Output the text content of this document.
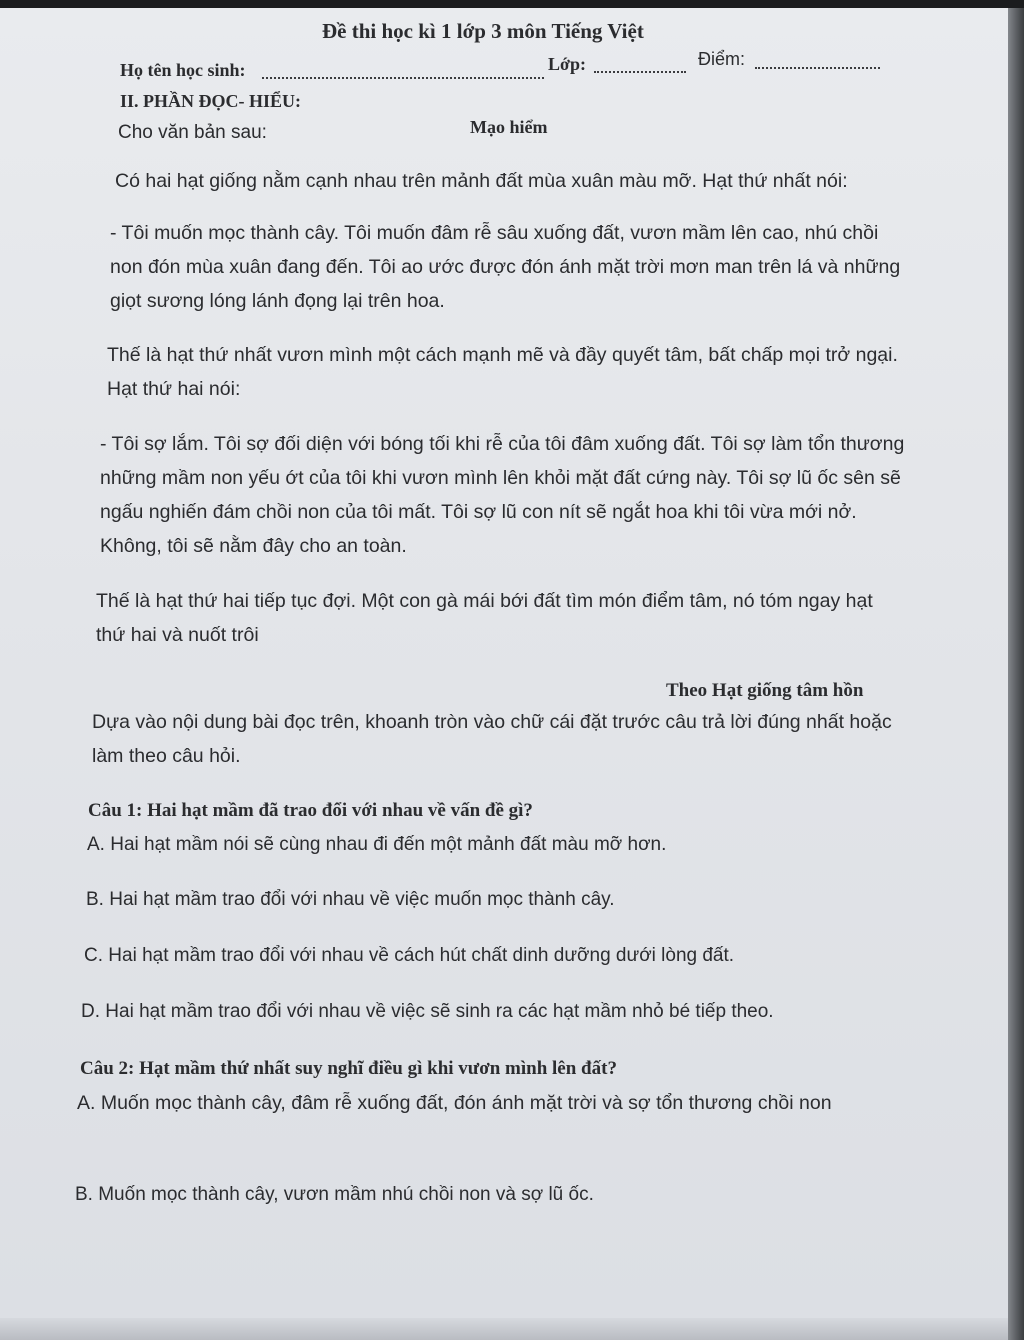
Đề thi học kì 1 lớp 3 môn Tiếng Việt

Họ tên học sinh:	Lớp:	Điểm:

II. PHẦN ĐỌC- HIỂU:

Cho văn bản sau:	Mạo hiểm

Có hai hạt giống nằm cạnh nhau trên mảnh đất mùa xuân màu mỡ. Hạt thứ nhất nói:

- Tôi muốn mọc thành cây. Tôi muốn đâm rễ sâu xuống đất, vươn mầm lên cao, nhú chồi non đón mùa xuân đang đến. Tôi ao ước được đón ánh mặt trời mơn man trên lá và những giọt sương lóng lánh đọng lại trên hoa.

Thế là hạt thứ nhất vươn mình một cách mạnh mẽ và đầy quyết tâm, bất chấp mọi trở ngại. Hạt thứ hai nói:

- Tôi sợ lắm. Tôi sợ đối diện với bóng tối khi rễ của tôi đâm xuống đất. Tôi sợ làm tổn thương những mầm non yếu ớt của tôi khi vươn mình lên khỏi mặt đất cứng này. Tôi sợ lũ ốc sên sẽ ngấu nghiến đám chồi non của tôi mất. Tôi sợ lũ con nít sẽ ngắt hoa khi tôi vừa mới nở. Không, tôi sẽ nằm đây cho an toàn.

Thế là hạt thứ hai tiếp tục đợi. Một con gà mái bới đất tìm món điểm tâm, nó tóm ngay hạt thứ hai và nuốt trôi

Theo Hạt giống tâm hồn

Dựa vào nội dung bài đọc trên, khoanh tròn vào chữ cái đặt trước câu trả lời đúng nhất hoặc làm theo câu hỏi.

Câu 1: Hai hạt mầm đã trao đổi với nhau về vấn đề gì?

A. Hai hạt mầm nói sẽ cùng nhau đi đến một mảnh đất màu mỡ hơn.

B. Hai hạt mầm trao đổi với nhau về việc muốn mọc thành cây.

C. Hai hạt mầm trao đổi với nhau về cách hút chất dinh dưỡng dưới lòng đất.

D. Hai hạt mầm trao đổi với nhau về việc sẽ sinh ra các hạt mầm nhỏ bé tiếp theo.

Câu 2: Hạt mầm thứ nhất suy nghĩ điều gì khi vươn mình lên đất?

A. Muốn mọc thành cây, đâm rễ xuống đất, đón ánh mặt trời và sợ tổn thương chồi non

B. Muốn mọc thành cây, vươn mầm nhú chồi non và sợ lũ ốc.
